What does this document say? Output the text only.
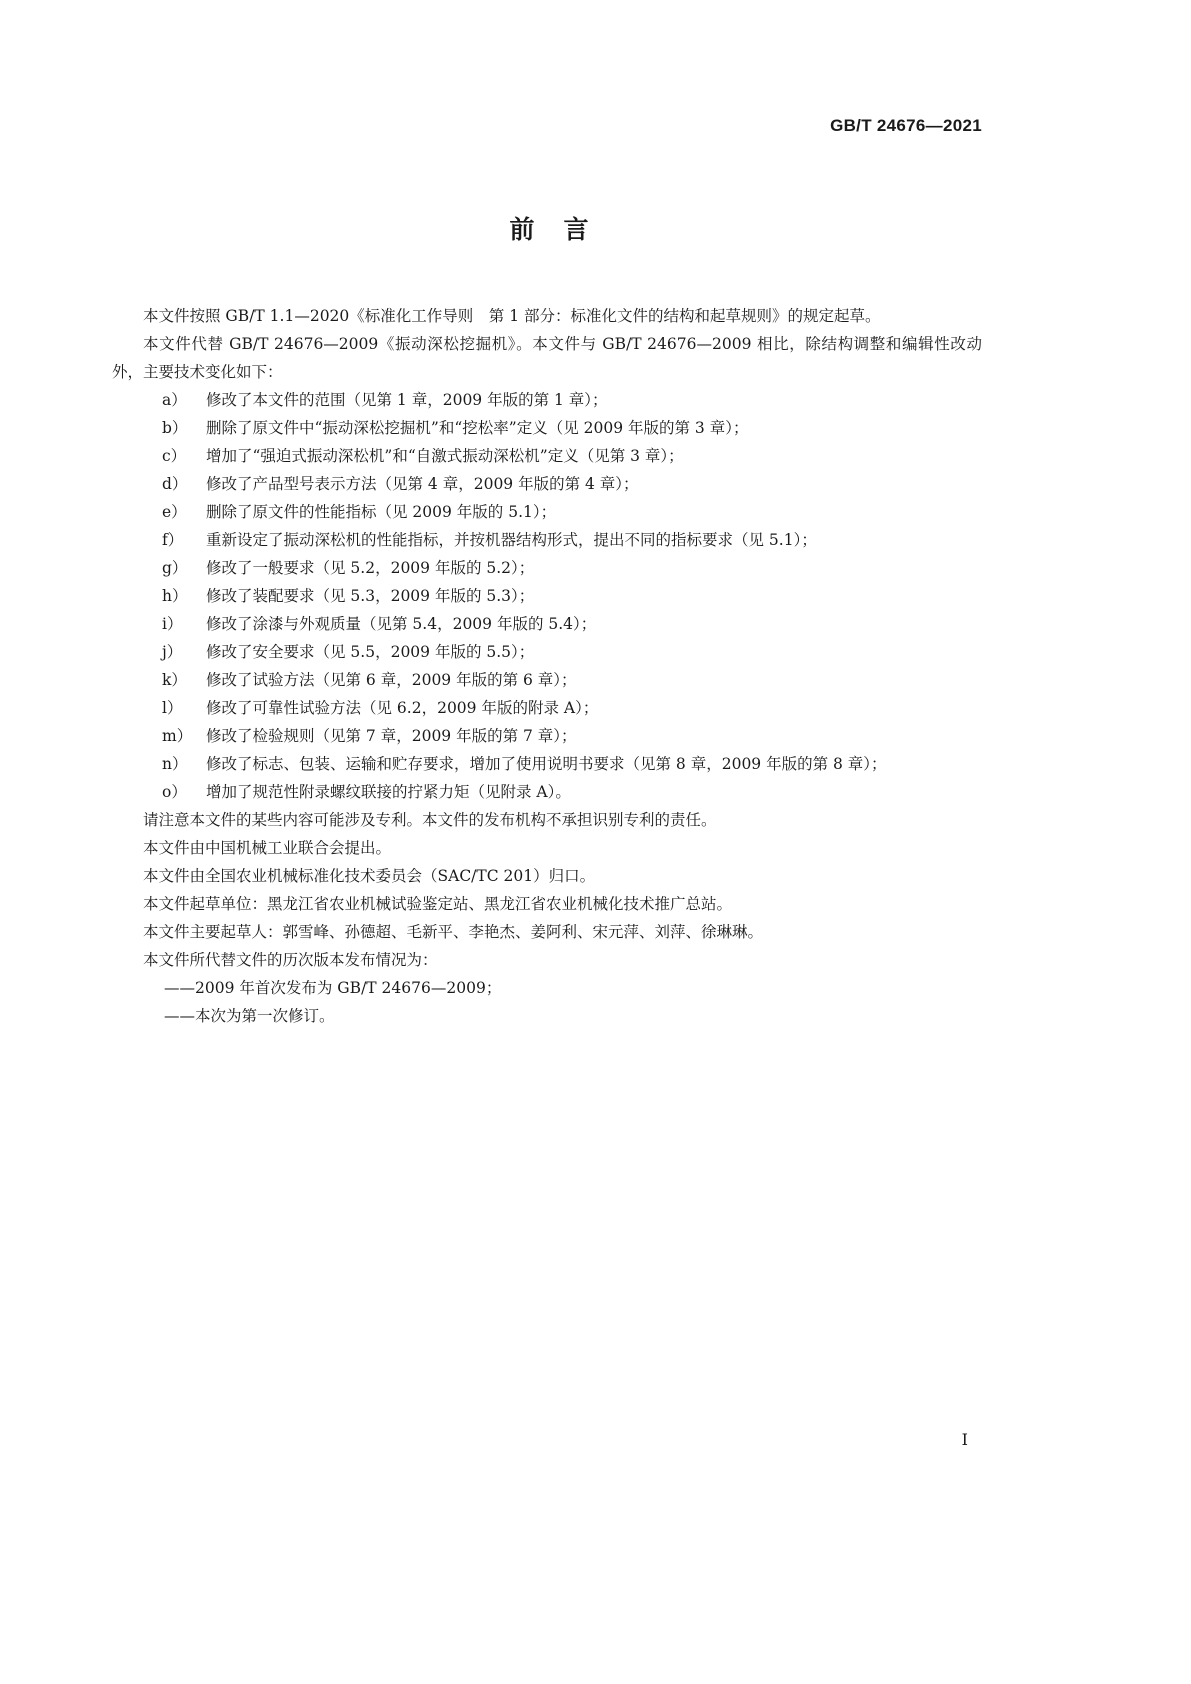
GB/T 24676—2021
前　言

本文件按照 GB/T 1.1—2020《标准化工作导则　第 1 部分：标准化文件的结构和起草规则》的规定起草。

本文件代替 GB/T 24676—2009《振动深松挖掘机》。本文件与 GB/T 24676—2009 相比，除结构调整和编辑性改动外，主要技术变化如下：

a）	修改了本文件的范围（见第 1 章，2009 年版的第 1 章）；
b）	删除了原文件中“振动深松挖掘机”和“挖松率”定义（见 2009 年版的第 3 章）；
c）	增加了“强迫式振动深松机”和“自激式振动深松机”定义（见第 3 章）；
d）	修改了产品型号表示方法（见第 4 章，2009 年版的第 4 章）；
e）	删除了原文件的性能指标（见 2009 年版的 5.1）；
f）	重新设定了振动深松机的性能指标，并按机器结构形式，提出不同的指标要求（见 5.1）；
g）	修改了一般要求（见 5.2，2009 年版的 5.2）；
h）	修改了装配要求（见 5.3，2009 年版的 5.3）；
i）	修改了涂漆与外观质量（见第 5.4，2009 年版的 5.4）；
j）	修改了安全要求（见 5.5，2009 年版的 5.5）；
k）	修改了试验方法（见第 6 章，2009 年版的第 6 章）；
l）	修改了可靠性试验方法（见 6.2，2009 年版的附录 A）；
m） 修改了检验规则（见第 7 章，2009 年版的第 7 章）；
n）	修改了标志、包装、运输和贮存要求，增加了使用说明书要求（见第 8 章，2009 年版的第 8 章）；
o）	增加了规范性附录螺纹联接的拧紧力矩（见附录 A）。

请注意本文件的某些内容可能涉及专利。本文件的发布机构不承担识别专利的责任。

本文件由中国机械工业联合会提出。

本文件由全国农业机械标准化技术委员会（SAC/TC 201）归口。

本文件起草单位：黑龙江省农业机械试验鉴定站、黑龙江省农业机械化技术推广总站。

本文件主要起草人：郭雪峰、孙德超、毛新平、李艳杰、姜阿利、宋元萍、刘萍、徐琳琳。

本文件所代替文件的历次版本发布情况为：

——2009 年首次发布为 GB/T 24676—2009；

——本次为第一次修订。

I
